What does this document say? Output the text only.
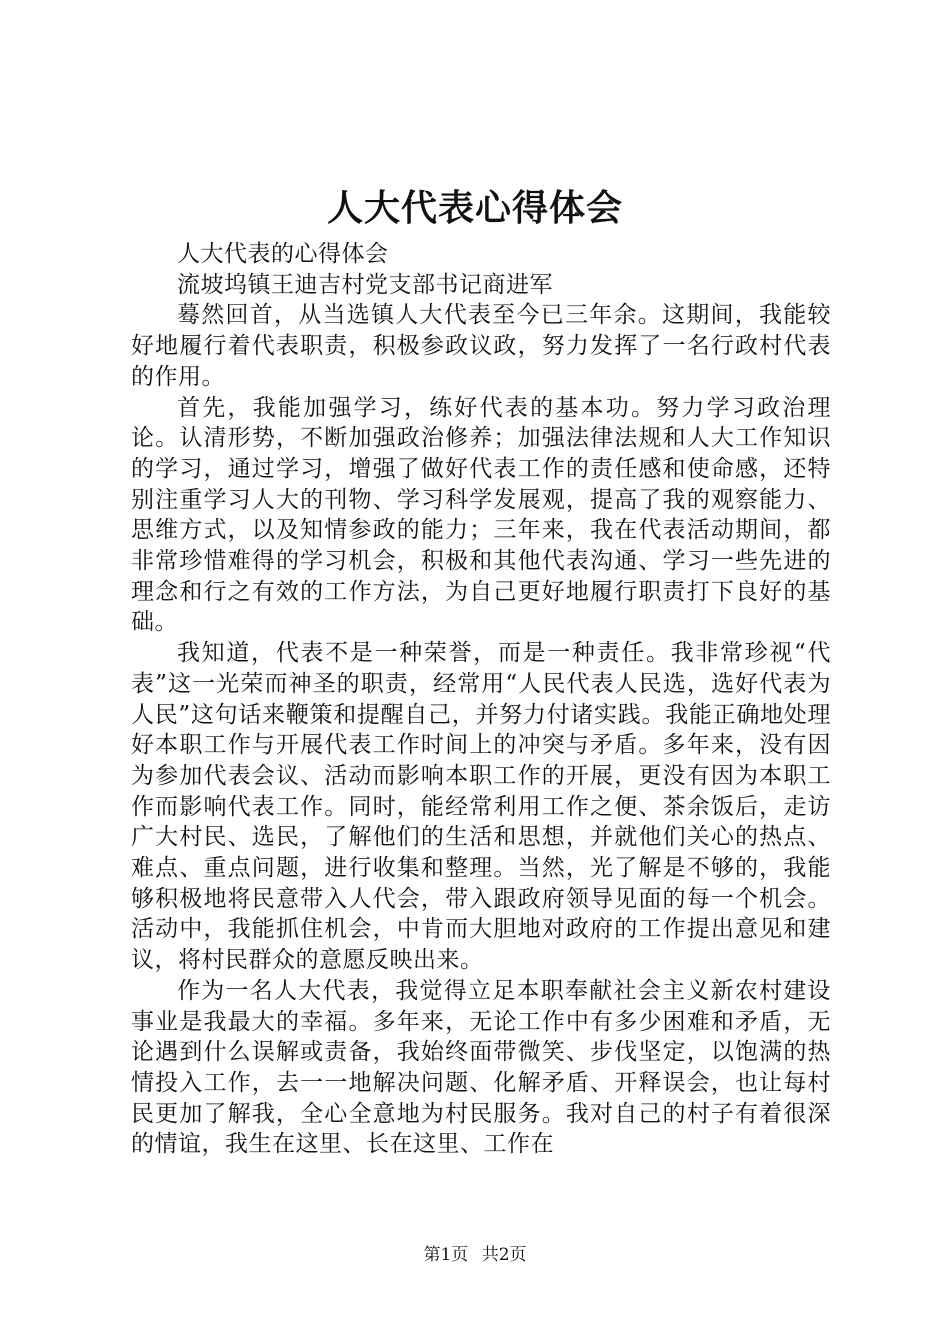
人大代表心得体会

人大代表的心得体会

流坡坞镇王迪吉村党支部书记商进军

蓦然回首，从当选镇人大代表至今已三年余。这期间，我能较好地履行着代表职责，积极参政议政，努力发挥了一名行政村代表的作用。

首先，我能加强学习，练好代表的基本功。努力学习政治理论。认清形势，不断加强政治修养；加强法律法规和人大工作知识的学习，通过学习，增强了做好代表工作的责任感和使命感，还特别注重学习人大的刊物、学习科学发展观，提高了我的观察能力、思维方式，以及知情参政的能力；三年来，我在代表活动期间，都非常珍惜难得的学习机会，积极和其他代表沟通、学习一些先进的理念和行之有效的工作方法，为自己更好地履行职责打下良好的基础。

我知道，代表不是一种荣誉，而是一种责任。我非常珍视“代表”这一光荣而神圣的职责，经常用“人民代表人民选，选好代表为人民”这句话来鞭策和提醒自己，并努力付诸实践。我能正确地处理好本职工作与开展代表工作时间上的冲突与矛盾。多年来，没有因为参加代表会议、活动而影响本职工作的开展，更没有因为本职工作而影响代表工作。同时，能经常利用工作之便、茶余饭后，走访广大村民、选民，了解他们的生活和思想，并就他们关心的热点、难点、重点问题，进行收集和整理。当然，光了解是不够的，我能够积极地将民意带入人代会，带入跟政府领导见面的每一个机会。活动中，我能抓住机会，中肯而大胆地对政府的工作提出意见和建议，将村民群众的意愿反映出来。

作为一名人大代表，我觉得立足本职奉献社会主义新农村建设事业是我最大的幸福。多年来，无论工作中有多少困难和矛盾，无论遇到什么误解或责备，我始终面带微笑、步伐坚定，以饱满的热情投入工作，去一一地解决问题、化解矛盾、开释误会，也让每村民更加了解我，全心全意地为村民服务。我对自己的村子有着很深的情谊，我生在这里、长在这里、工作在

第1页 共2页
